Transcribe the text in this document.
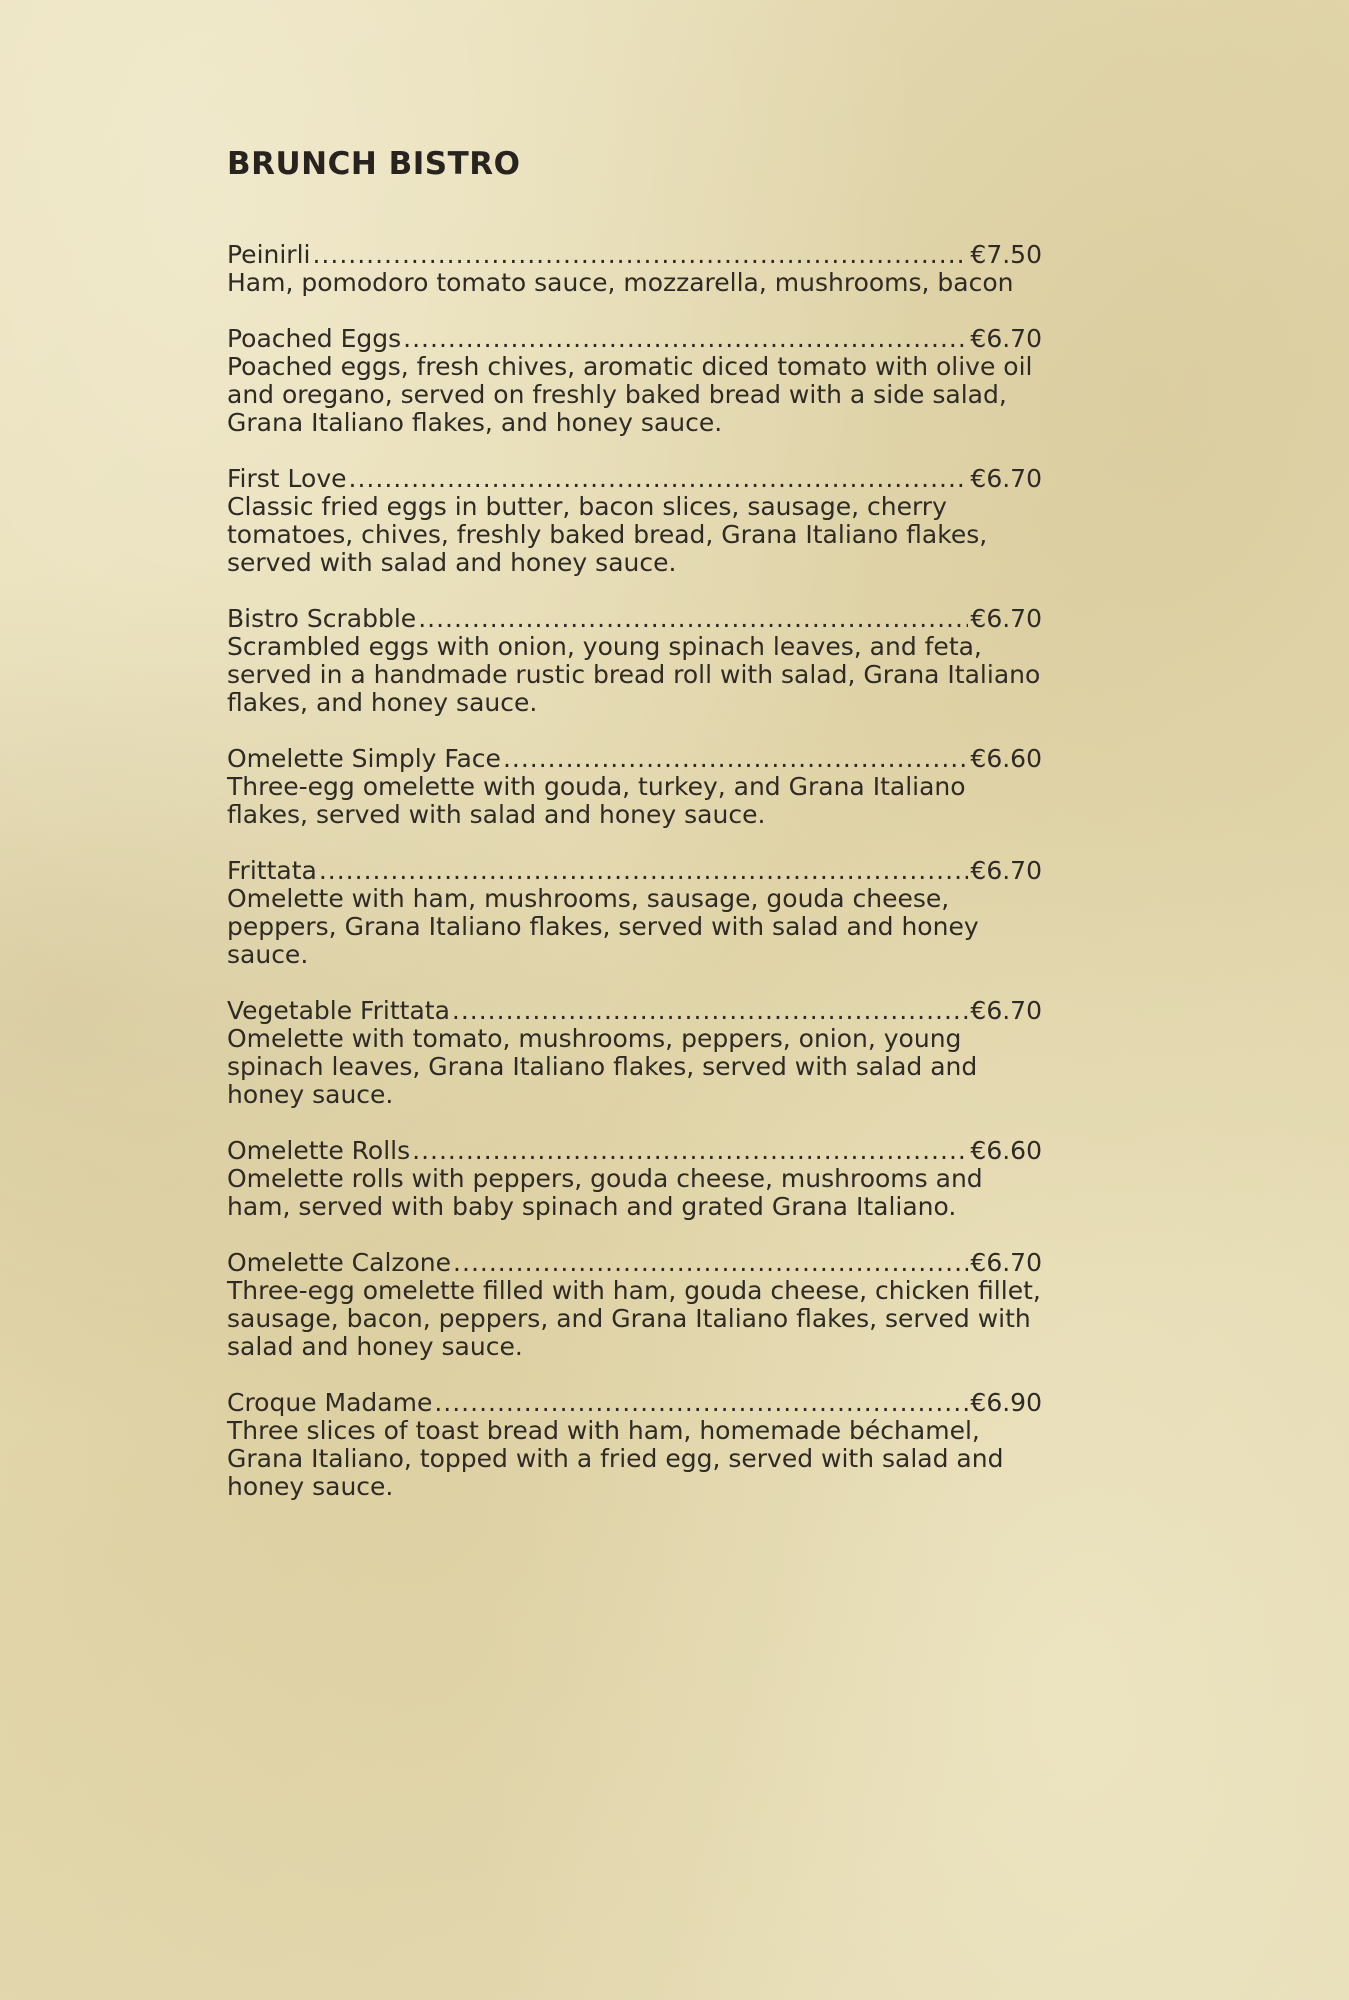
BRUNCH BISTRO
Peinirli .....	€7.50

Ham, pomodoro tomato sauce, mozzarella, mushrooms, bacon

Poached Eggs .....	€6.70

Poached eggs, fresh chives, aromatic diced tomato with olive oil and oregano, served on freshly baked bread with a side salad, Grana Italiano flakes, and honey sauce.

First Love .....	€6.70

Classic fried eggs in butter, bacon slices, sausage, cherry tomatoes, chives, freshly baked bread, Grana Italiano flakes, served with salad and honey sauce.

Bistro Scrabble .....	€6.70

Scrambled eggs with onion, young spinach leaves, and feta, served in a handmade rustic bread roll with salad, Grana Italiano flakes, and honey sauce.

Omelette Simply Face .....	€6.60

Three-egg omelette with gouda, turkey, and Grana Italiano flakes, served with salad and honey sauce.

Frittata .....	€6.70

Omelette with ham, mushrooms, sausage, gouda cheese, peppers, Grana Italiano flakes, served with salad and honey sauce.

Vegetable Frittata .....	€6.70

Omelette with tomato, mushrooms, peppers, onion, young spinach leaves, Grana Italiano flakes, served with salad and honey sauce.

Omelette Rolls .....	€6.60

Omelette rolls with peppers, gouda cheese, mushrooms and ham, served with baby spinach and grated Grana Italiano.

Omelette Calzone .....	€6.70

Three-egg omelette filled with ham, gouda cheese, chicken fillet, sausage, bacon, peppers, and Grana Italiano flakes, served with salad and honey sauce.

Croque Madame .....	€6.90

Three slices of toast bread with ham, homemade béchamel, Grana Italiano, topped with a fried egg, served with salad and honey sauce.
